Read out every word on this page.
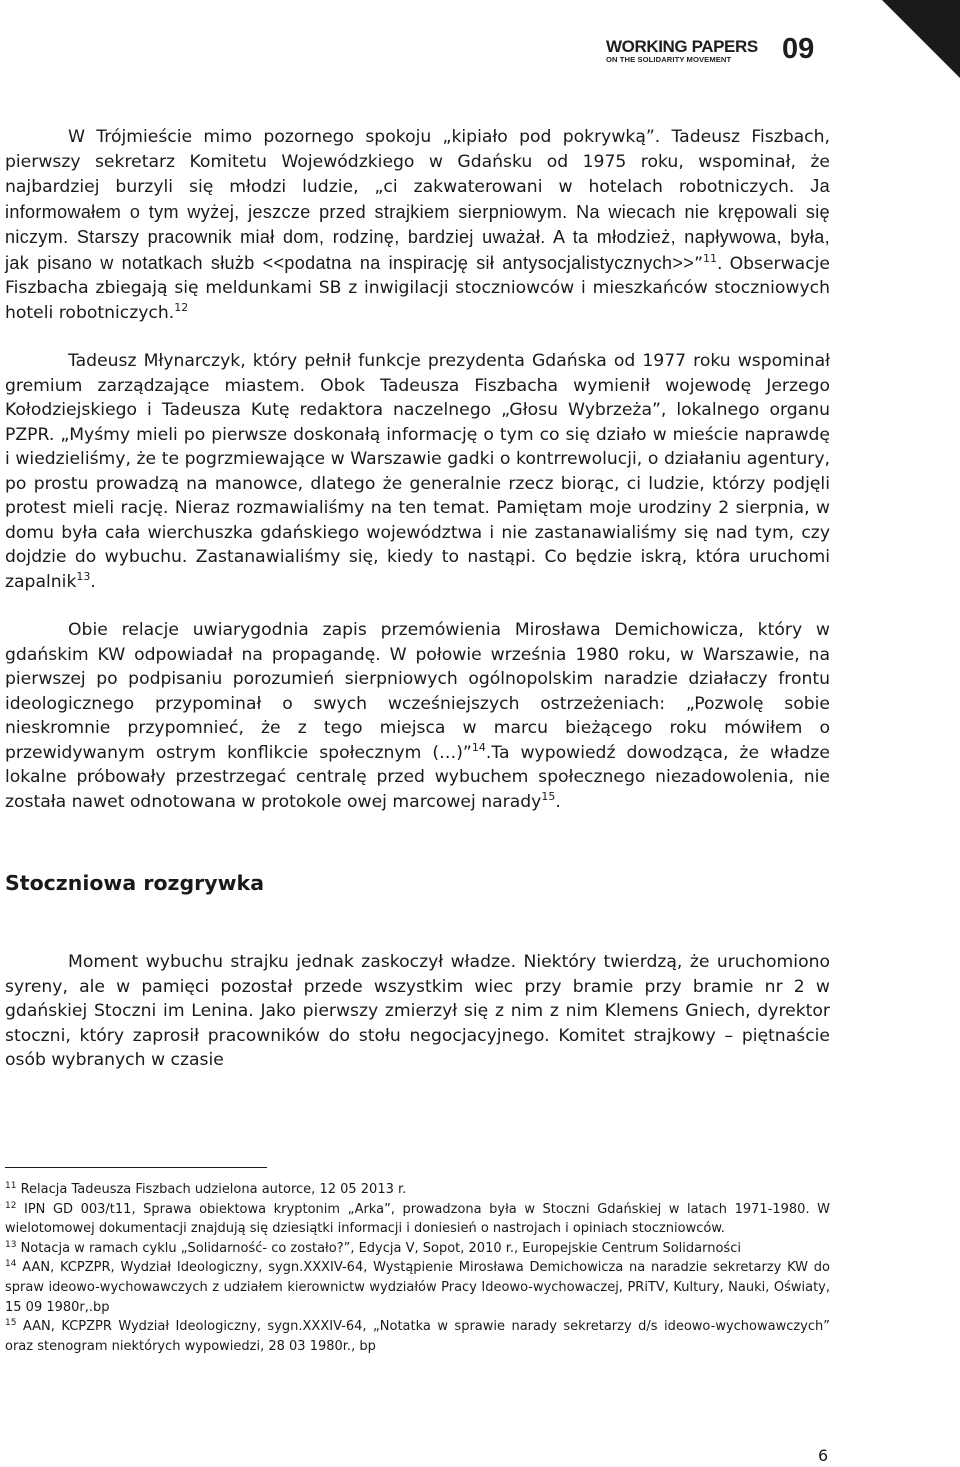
WORKING PAPERS
ON THE SOLIDARITY MOVEMENT	09

W Trójmieście mimo pozornego spokoju „kipiało pod pokrywką”. Tadeusz Fiszbach, pierwszy sekretarz Komitetu Wojewódzkiego w Gdańsku od 1975 roku, wspominał, że najbardziej burzyli się młodzi ludzie, „ci zakwaterowani w hotelach robotniczych. Ja informowałem o tym wyżej, jeszcze przed strajkiem sierpniowym. Na wiecach nie krępowali się niczym. Starszy pracownik miał dom, rodzinę, bardziej uważał. A ta młodzież, napływowa, była, jak pisano w notatkach służb <<podatna na inspirację sił antysocjalistycznych>>”$^{11}$. Obserwacje Fiszbacha zbiegają się meldunkami SB z inwigilacji stoczniowców i mieszkańców stoczniowych hoteli robotniczych.$^{12}$

Tadeusz Młynarczyk, który pełnił funkcje prezydenta Gdańska od 1977 roku wspominał gremium zarządzające miastem. Obok Tadeusza Fiszbacha wymienił wojewodę Jerzego Kołodziejskiego i Tadeusza Kutę redaktora naczelnego „Głosu Wybrzeża”, lokalnego organu PZPR. „Myśmy mieli po pierwsze doskonałą informację o tym co się działo w mieście naprawdę i wiedzieliśmy, że te pogrzmiewające w Warszawie gadki o kontrrewolucji, o działaniu agentury, po prostu prowadzą na manowce, dlatego że generalnie rzecz biorąc, ci ludzie, którzy podjęli protest mieli rację. Nieraz rozmawialiśmy na ten temat. Pamiętam moje urodziny 2 sierpnia, w domu była cała wierchuszka gdańskiego województwa i nie zastanawialiśmy się nad tym, czy dojdzie do wybuchu. Zastanawialiśmy się, kiedy to nastąpi. Co będzie iskrą, która uruchomi zapalnik$^{13}$.

Obie relacje uwiarygodnia zapis przemówienia Mirosława Demichowicza, który w gdańskim KW odpowiadał na propagandę. W połowie września 1980 roku, w Warszawie, na pierwszej po podpisaniu porozumień sierpniowych ogólnopolskim naradzie działaczy frontu ideologicznego przypominał o swych wcześniejszych ostrzeżeniach: „Pozwolę sobie nieskromnie przypomnieć, że z tego miejsca w marcu bieżącego roku mówiłem o przewidywanym ostrym konflikcie społecznym (…)”$^{14}$.Ta wypowiedź dowodząca, że władze lokalne próbowały przestrzegać centralę przed wybuchem społecznego niezadowolenia, nie została nawet odnotowana w protokole owej marcowej narady$^{15}$.

Stoczniowa rozgrywka

Moment wybuchu strajku jednak zaskoczył władze. Niektóry twierdzą, że uruchomiono syreny, ale w pamięci pozostał przede wszystkim wiec przy bramie przy bramie nr 2 w gdańskiej Stoczni im Lenina. Jako pierwszy zmierzył się z nim z nim Klemens Gniech, dyrektor stoczni, który zaprosił pracowników do stołu negocjacyjnego. Komitet strajkowy – piętnaście osób wybranych w czasie

$^{11}$ Relacja Tadeusza Fiszbach udzielona autorce, 12 05 2013 r.

$^{12}$ IPN GD 003/t11, Sprawa obiektowa kryptonim „Arka”, prowadzona była w Stoczni Gdańskiej w latach 1971-1980. W wielotomowej dokumentacji znajdują się dziesiątki informacji i doniesień o nastrojach i opiniach stoczniowców.

$^{13}$ Notacja w ramach cyklu „Solidarność- co zostało?”, Edycja V, Sopot, 2010 r., Europejskie Centrum Solidarności

$^{14}$ AAN, KCPZPR, Wydział Ideologiczny, sygn.XXXIV-64, Wystąpienie Mirosława Demichowicza na naradzie sekretarzy KW do spraw ideowo-wychowawczych z udziałem kierownictw wydziałów Pracy Ideowo-wychowaczej, PRiTV, Kultury, Nauki, Oświaty, 15 09 1980r,.bp

$^{15}$ AAN, KCPZPR Wydział Ideologiczny, sygn.XXXIV-64, „Notatka w sprawie narady sekretarzy d/s ideowo-wychowawczych” oraz stenogram niektórych wypowiedzi, 28 03 1980r., bp

6
